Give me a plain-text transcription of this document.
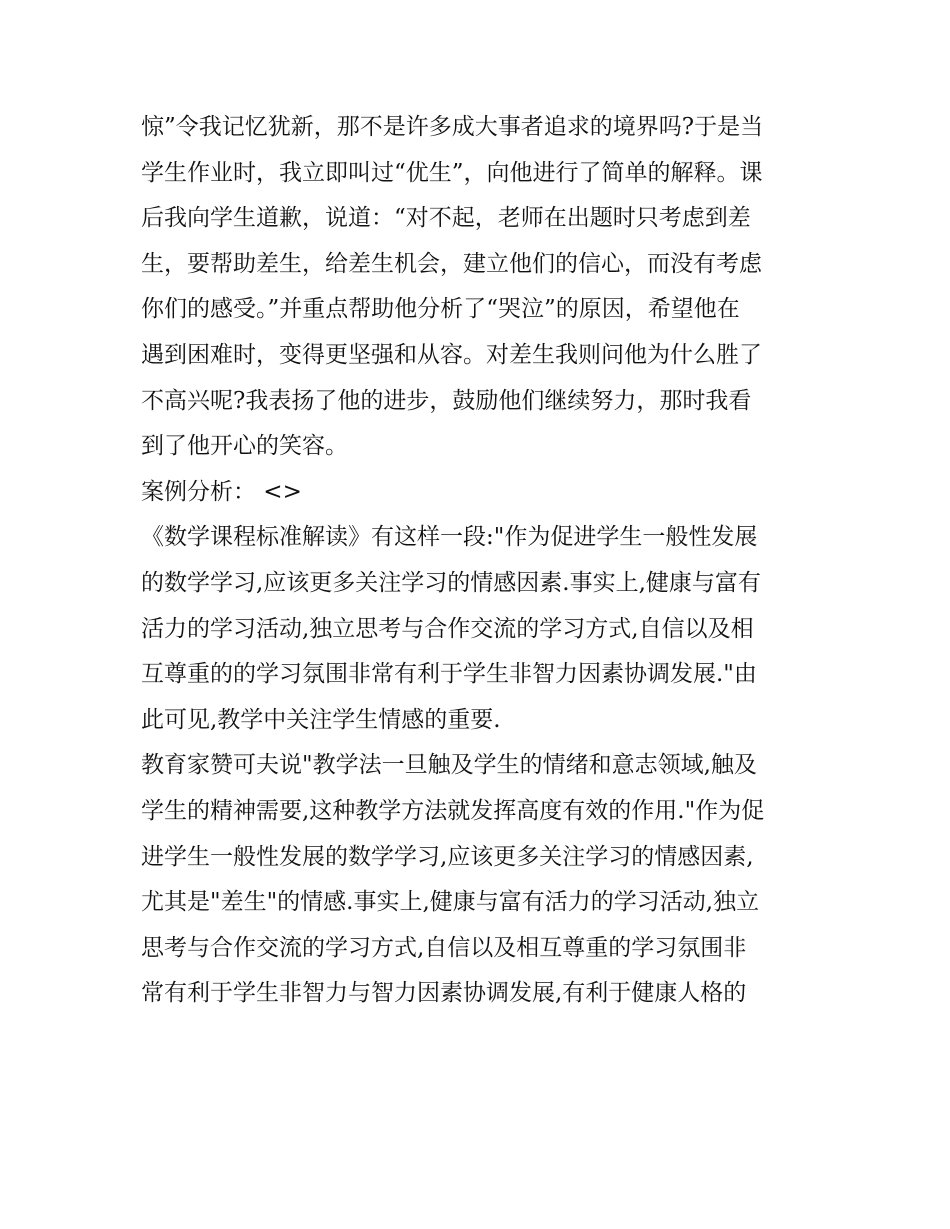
惊”令我记忆犹新，那不是许多成大事者追求的境界吗?于是当
学生作业时，我立即叫过“优生”，向他进行了简单的解释。课
后我向学生道歉，说道：“对不起，老师在出题时只考虑到差
生，要帮助差生，给差生机会，建立他们的信心，而没有考虑
你们的感受。”并重点帮助他分析了“哭泣”的原因，希望他在
遇到困难时，变得更坚强和从容。对差生我则问他为什么胜了
不高兴呢?我表扬了他的进步，鼓励他们继续努力，那时我看
到了他开心的笑容。
案例分析： <>
《数学课程标准解读》有这样一段:"作为促进学生一般性发展
的数学学习,应该更多关注学习的情感因素.事实上,健康与富有
活力的学习活动,独立思考与合作交流的学习方式,自信以及相
互尊重的的学习氛围非常有利于学生非智力因素协调发展."由
此可见,教学中关注学生情感的重要.
教育家赞可夫说"教学法一旦触及学生的情绪和意志领域,触及
学生的精神需要,这种教学方法就发挥高度有效的作用."作为促
进学生一般性发展的数学学习,应该更多关注学习的情感因素,
尤其是"差生"的情感.事实上,健康与富有活力的学习活动,独立
思考与合作交流的学习方式,自信以及相互尊重的学习氛围非
常有利于学生非智力与智力因素协调发展,有利于健康人格的
